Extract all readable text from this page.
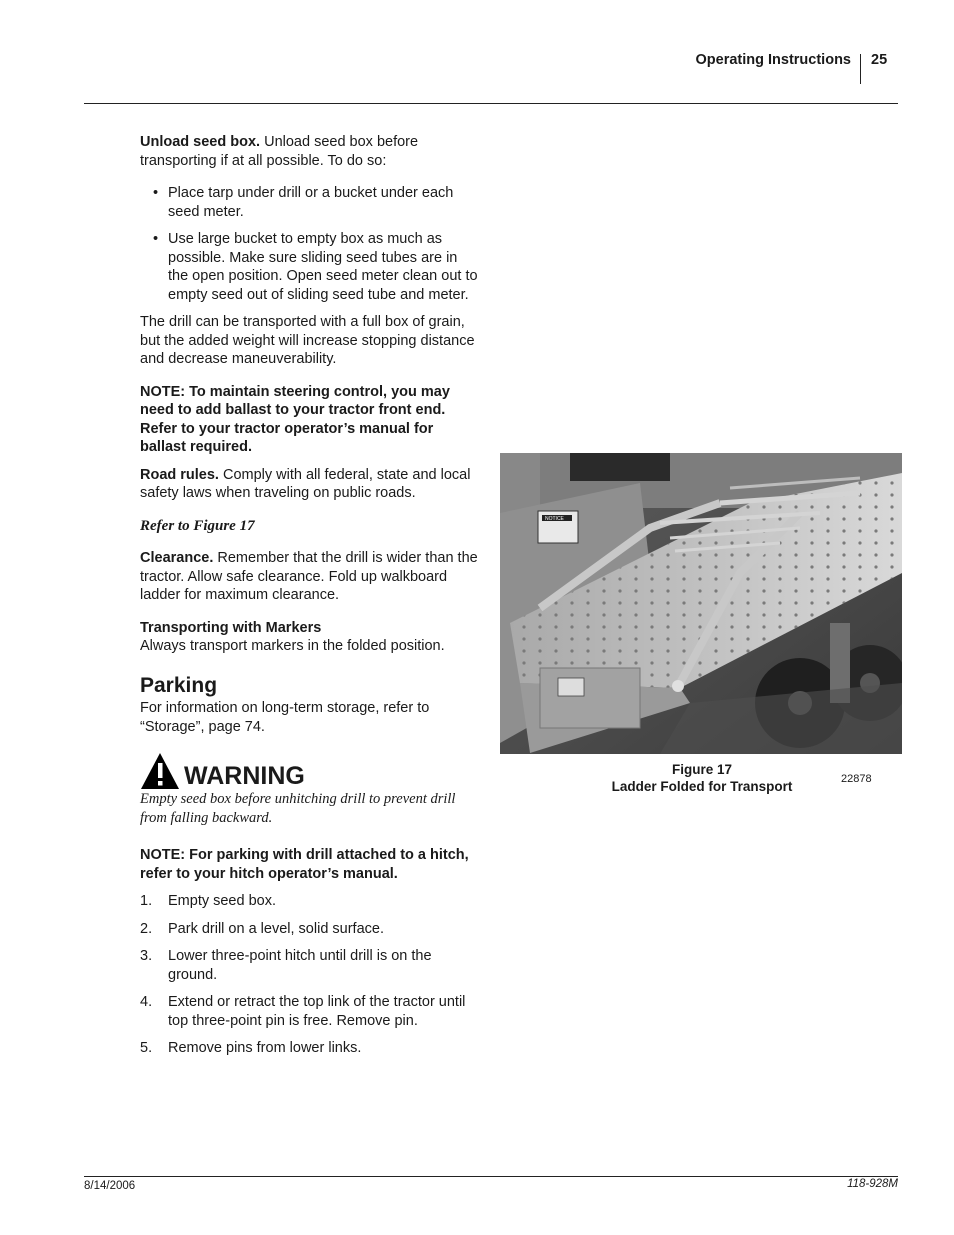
Operating Instructions 25

Unload seed box. Unload seed box before transporting if at all possible. To do so:

• Place tarp under drill or a bucket under each seed meter.
• Use large bucket to empty box as much as possible. Make sure sliding seed tubes are in the open position. Open seed meter clean out to empty seed out of sliding seed tube and meter.

The drill can be transported with a full box of grain, but the added weight will increase stopping distance and decrease maneuverability.

NOTE: To maintain steering control, you may need to add ballast to your tractor front end. Refer to your tractor operator’s manual for ballast required.

Road rules. Comply with all federal, state and local safety laws when traveling on public roads.

Refer to Figure 17

Clearance. Remember that the drill is wider than the tractor. Allow safe clearance. Fold up walkboard ladder for maximum clearance.

Transporting with Markers

Always transport markers in the folded position.

Parking

For information on long-term storage, refer to “Storage”, page 74.

WARNING

Empty seed box before unhitching drill to prevent drill from falling backward.

NOTE: For parking with drill attached to a hitch, refer to your hitch operator’s manual.

1. Empty seed box.
2. Park drill on a level, solid surface.
3. Lower three-point hitch until drill is on the ground.
4. Extend or retract the top link of the tractor until top three-point pin is free. Remove pin.
5. Remove pins from lower links.
NOTICE
Figure 17
Ladder Folded for Transport	22878
8/14/2006	118-928M
